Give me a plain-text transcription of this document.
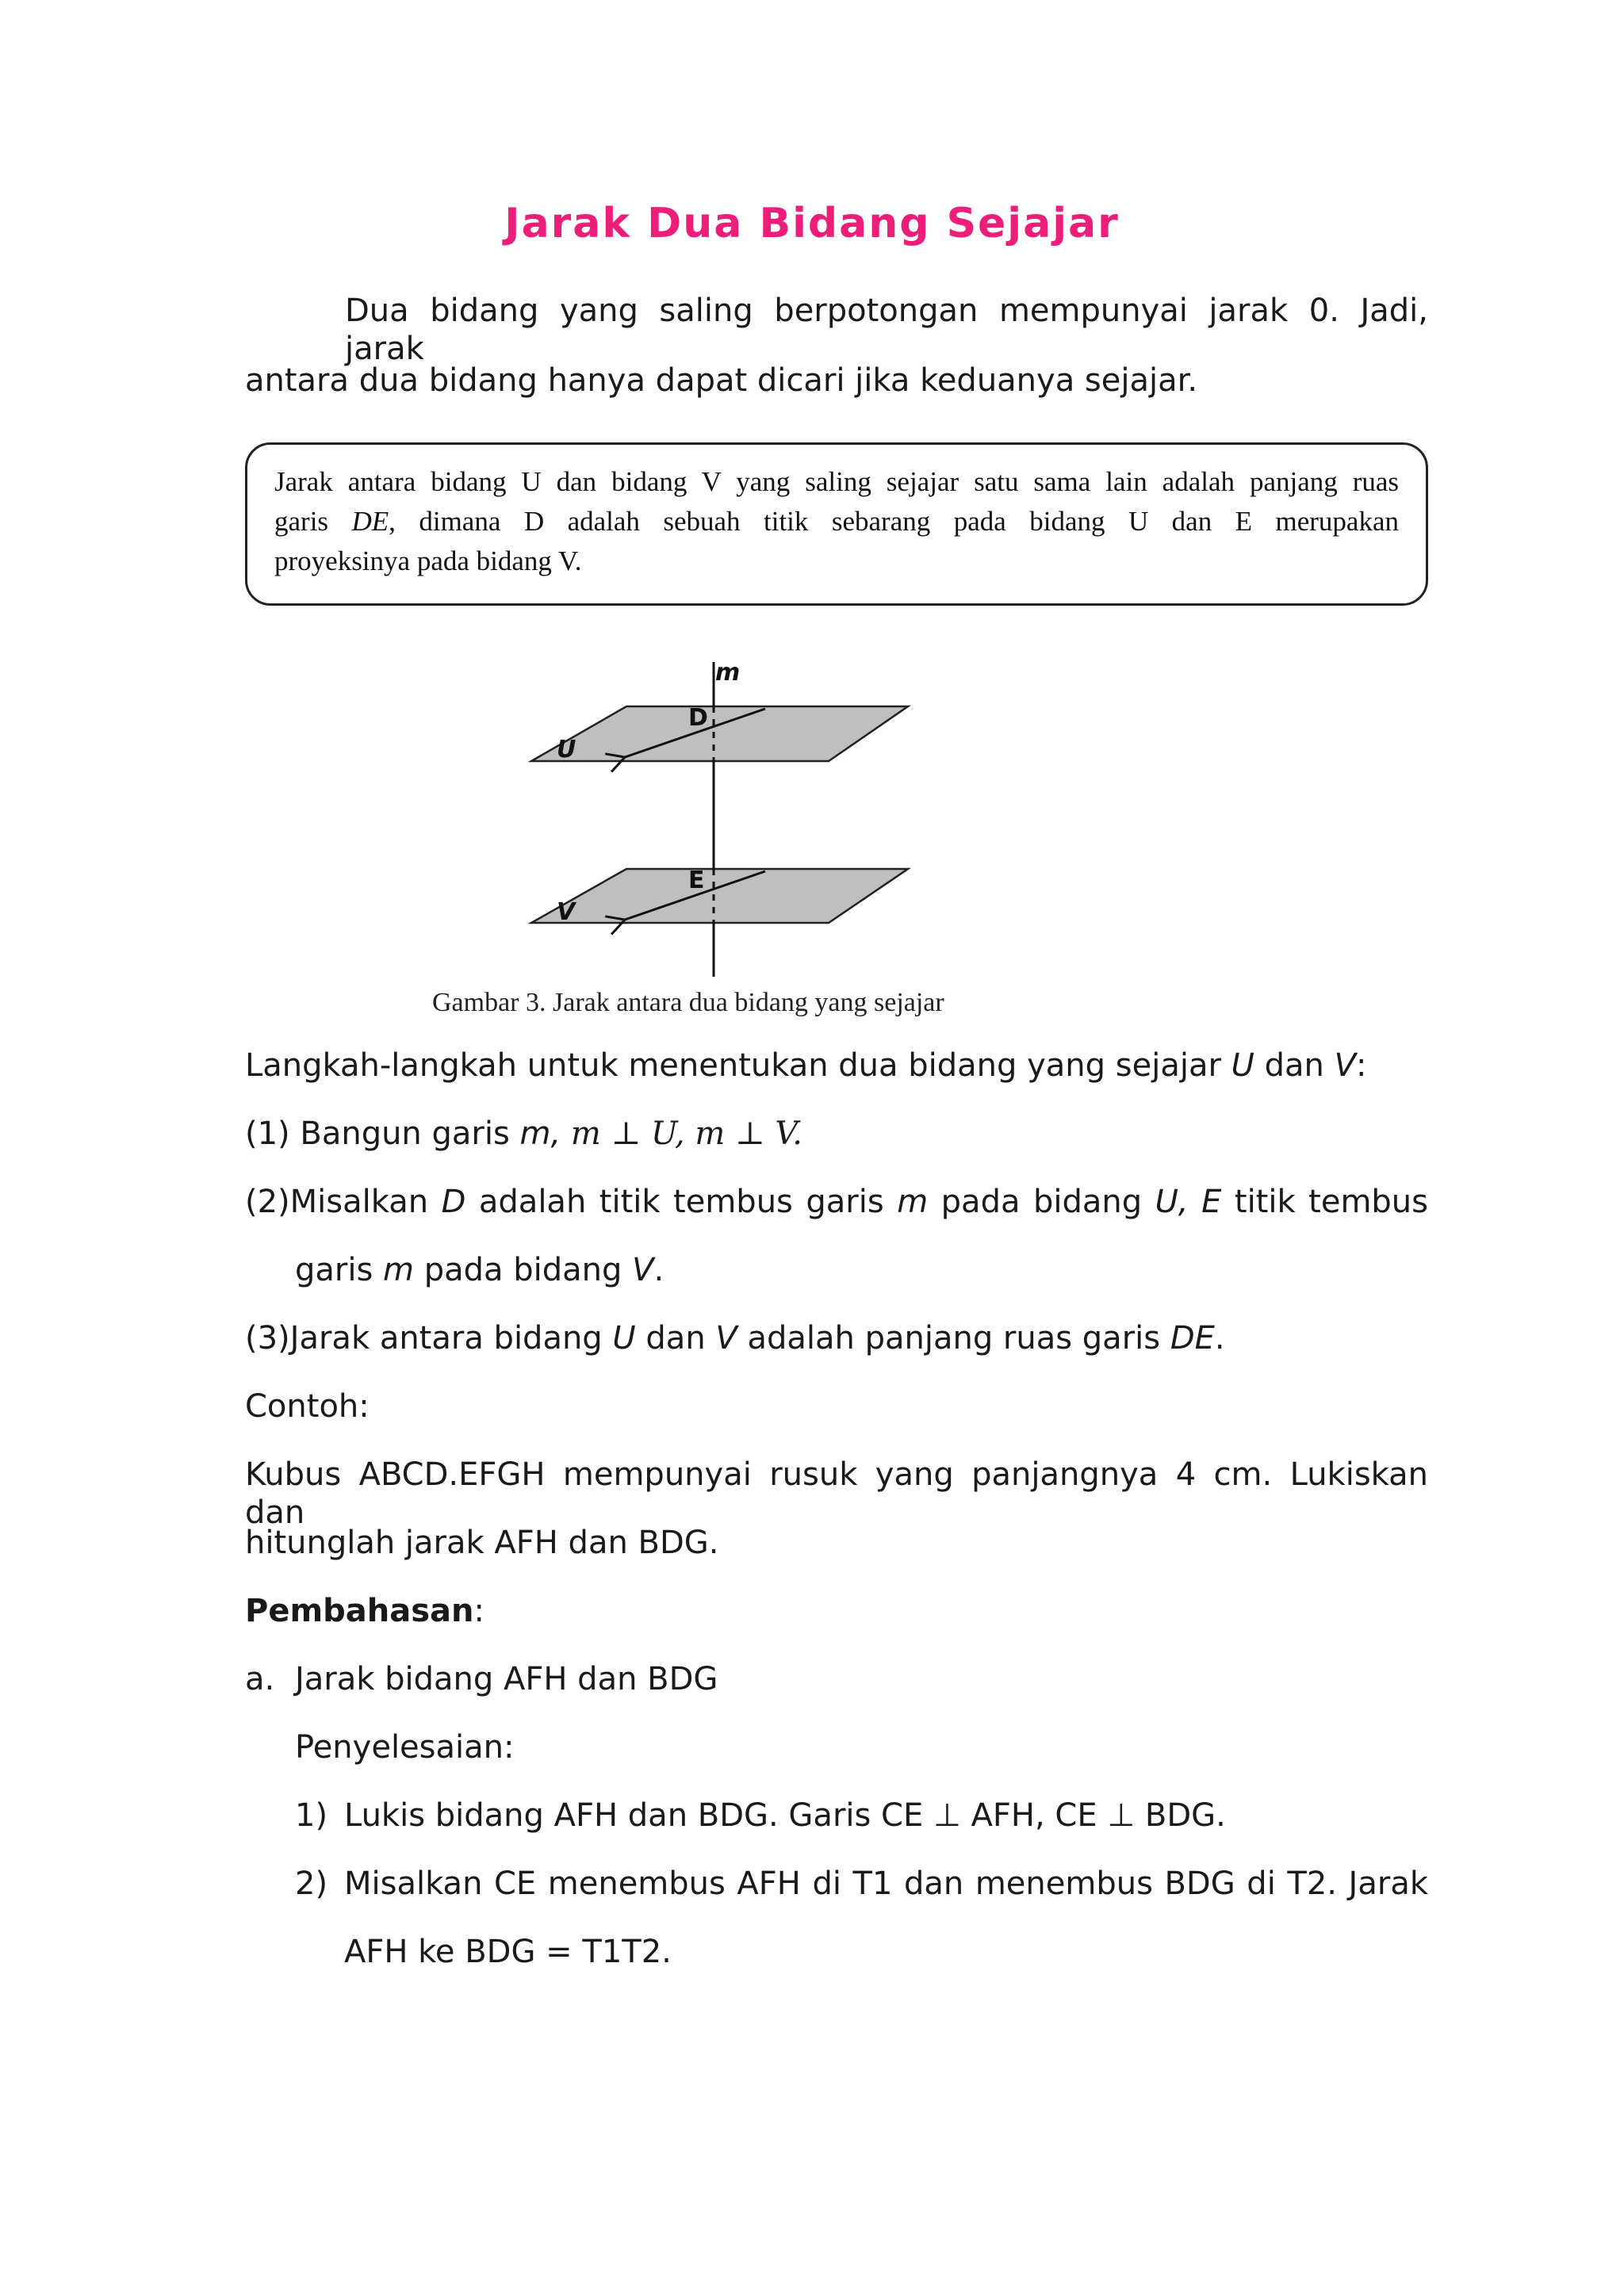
Jarak Dua Bidang Sejajar
Dua bidang yang saling berpotongan mempunyai jarak 0. Jadi, jarak
antara dua bidang hanya dapat dicari jika keduanya sejajar.
Jarak antara bidang U dan bidang V yang saling sejajar satu sama lain adalah panjang ruas
garis DE, dimana D adalah sebuah titik sebarang pada bidang U dan E merupakan
proyeksinya pada bidang V.
m
D
U
E
V
Gambar 3. Jarak antara dua bidang yang sejajar
Langkah-langkah untuk menentukan dua bidang yang sejajar U dan V:
(1) Bangun garis m, m ⊥ U, m ⊥ V.
(2)Misalkan D adalah titik tembus garis m pada bidang U, E titik tembus
garis m pada bidang V.
(3)Jarak antara bidang U dan V adalah panjang ruas garis DE.
Contoh:
Kubus ABCD.EFGH mempunyai rusuk yang panjangnya 4 cm. Lukiskan dan
hitunglah jarak AFH dan BDG.
Pembahasan:
a. Jarak bidang AFH dan BDG
Penyelesaian:
1) Lukis bidang AFH dan BDG. Garis CE ⊥ AFH, CE ⊥ BDG.
2) Misalkan CE menembus AFH di T1 dan menembus BDG di T2. Jarak
AFH ke BDG = T1T2.
